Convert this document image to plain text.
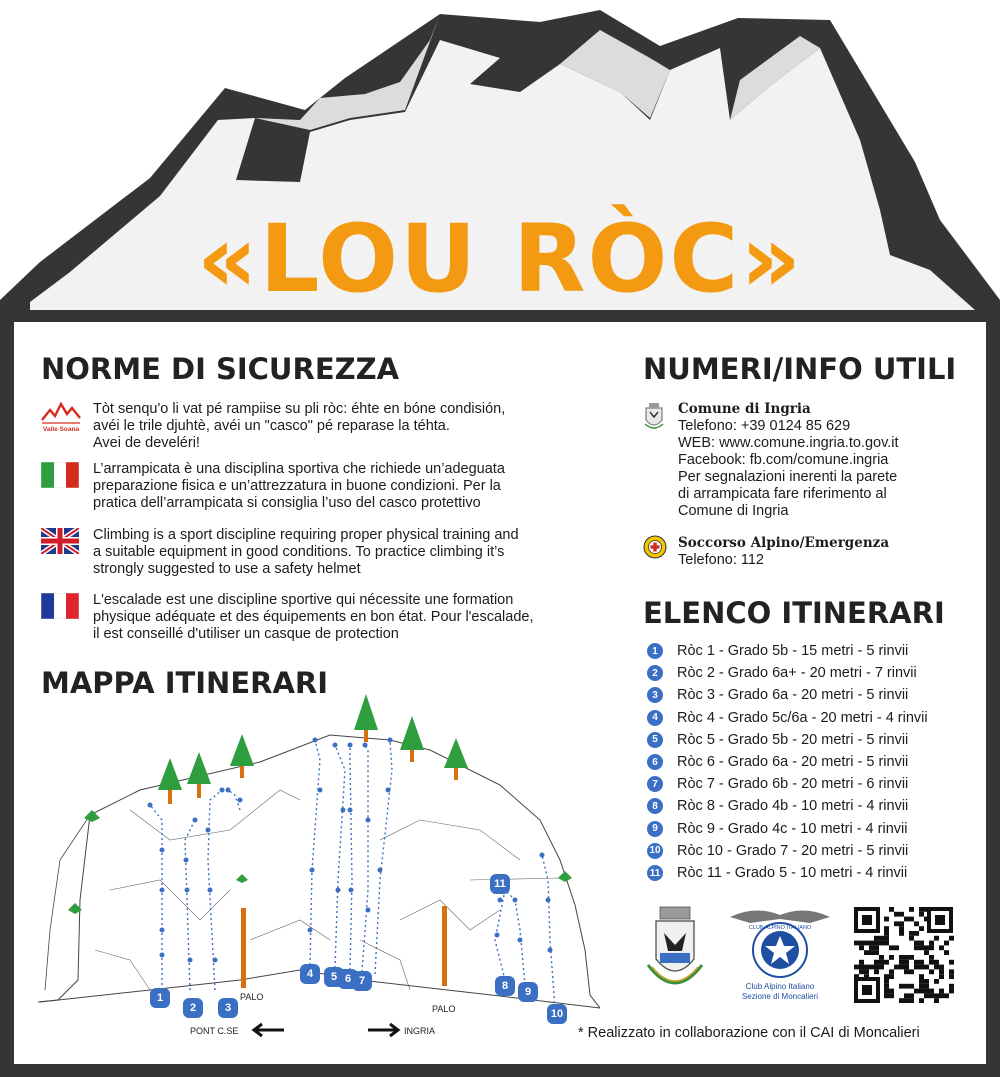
«LOU RÒC»
NORME DI SICUREZZA
Valle Soana
Tòt senqu'o li vat pé rampiise su pli ròc: éhte en bóne condisión,
avéi le trile djuhtè, avéi un "casco" pé reparase la téhta.
Avei de develéri!
L’arrampicata è una disciplina sportiva che richiede un’adeguata
preparazione fisica e un’attrezzatura in buone condizioni. Per la
pratica dell’arrampicata si consiglia l’uso del casco protettivo
Climbing is a sport discipline requiring proper physical training and
a suitable equipment in good conditions. To practice climbing it’s
strongly suggested to use a safety helmet
L'escalade est une discipline sportive qui nécessite une formation
physique adéquate et des équipements en bon état. Pour l'escalade,
il est conseillé d'utiliser un casque de protection
NUMERI/INFO UTILI
Comune di Ingria
Telefono: +39 0124 85 629
WEB: www.comune.ingria.to.gov.it
Facebook: fb.com/comune.ingria
Per segnalazioni inerenti la parete
di arrampicata fare riferimento al
Comune di Ingria
Soccorso Alpino/Emergenza
Telefono: 112
ELENCO ITINERARI
1	Ròc 1 - Grado 5b - 15 metri - 5 rinvii
2	Ròc 2 - Grado 6a+ - 20 metri - 7 rinvii
3	Ròc 3 - Grado 6a - 20 metri - 5 rinvii
4	Ròc 4 - Grado 5c/6a - 20 metri - 4 rinvii
5	Ròc 5 - Grado 5b - 20 metri - 5 rinvii
6	Ròc 6 - Grado 6a - 20 metri - 5 rinvii
7	Ròc 7 - Grado 6b - 20 metri - 6 rinvii
8	Ròc 8 - Grado 4b - 10 metri - 4 rinvii
9	Ròc 9 - Grado 4c - 10 metri - 4 rinvii
10 Ròc 10 - Grado 7 - 20 metri - 5 rinvii
11 Ròc 11 - Grado 5 - 10 metri - 4 rinvii
MAPPA ITINERARI
PALO
PALO
PONT C.SE	INGRIA
1
2	3
4	5 6 7	8	9
10
11
CLUB ALPINO ITALIANO
Club Alpino Italiano
Sezione di Moncalieri
* Realizzato in collaborazione con il CAI di Moncalieri
